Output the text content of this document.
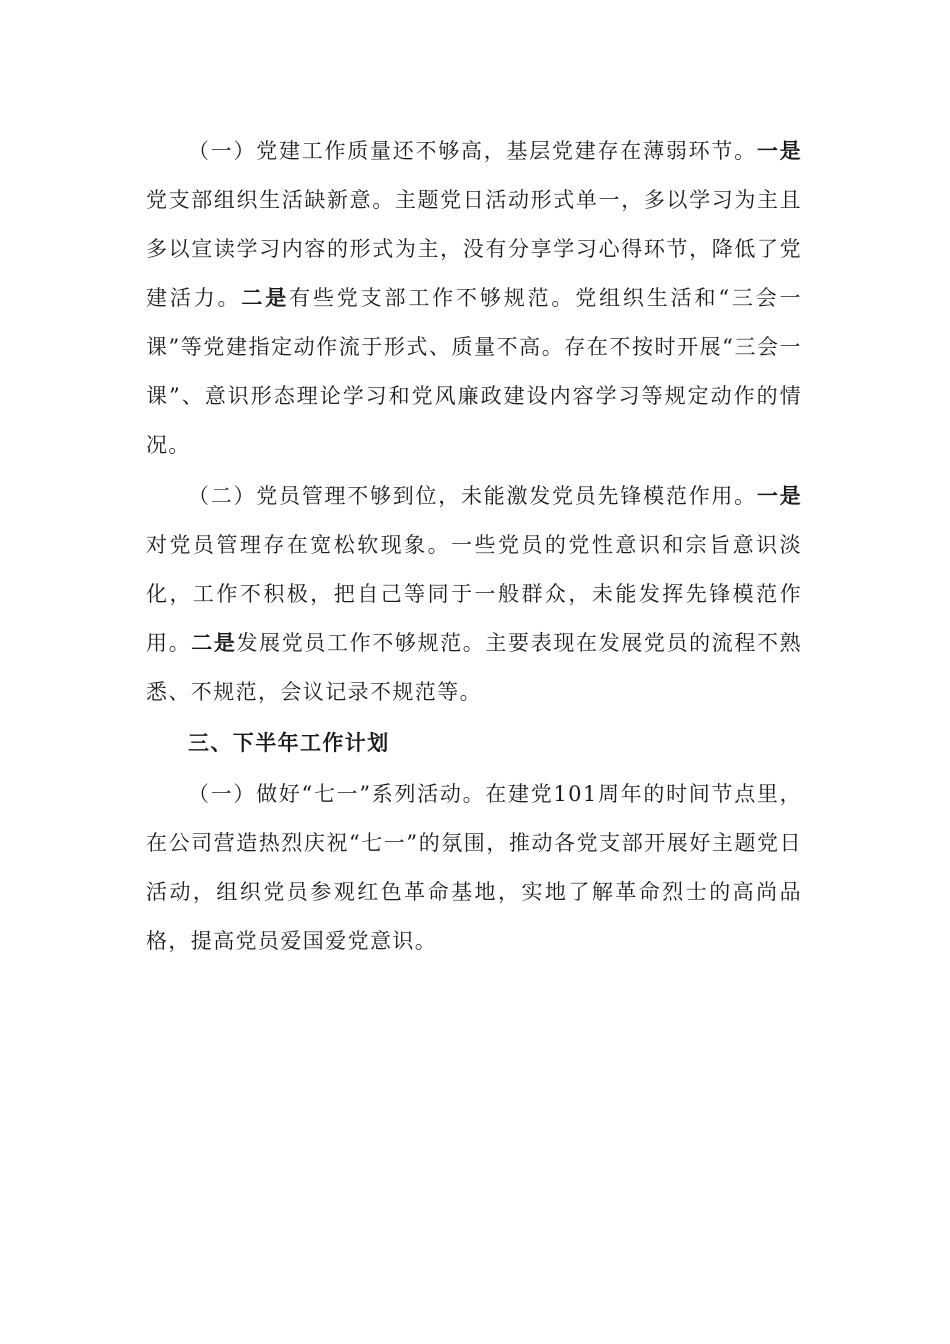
（一）党建工作质量还不够高，基层党建存在薄弱环节。一是党支部组织生活缺新意。主题党日活动形式单一，多以学习为主且多以宣读学习内容的形式为主，没有分享学习心得环节，降低了党建活力。二是有些党支部工作不够规范。党组织生活和“三会一课”等党建指定动作流于形式、质量不高。存在不按时开展“三会一课”、意识形态理论学习和党风廉政建设内容学习等规定动作的情况。

（二）党员管理不够到位，未能激发党员先锋模范作用。一是对党员管理存在宽松软现象。一些党员的党性意识和宗旨意识淡化，工作不积极，把自己等同于一般群众，未能发挥先锋模范作用。二是发展党员工作不够规范。主要表现在发展党员的流程不熟悉、不规范，会议记录不规范等。

三、下半年工作计划

（一）做好“七一”系列活动。在建党101周年的时间节点里，在公司营造热烈庆祝“七一”的氛围，推动各党支部开展好主题党日活动，组织党员参观红色革命基地，实地了解革命烈士的高尚品格，提高党员爱国爱党意识。
